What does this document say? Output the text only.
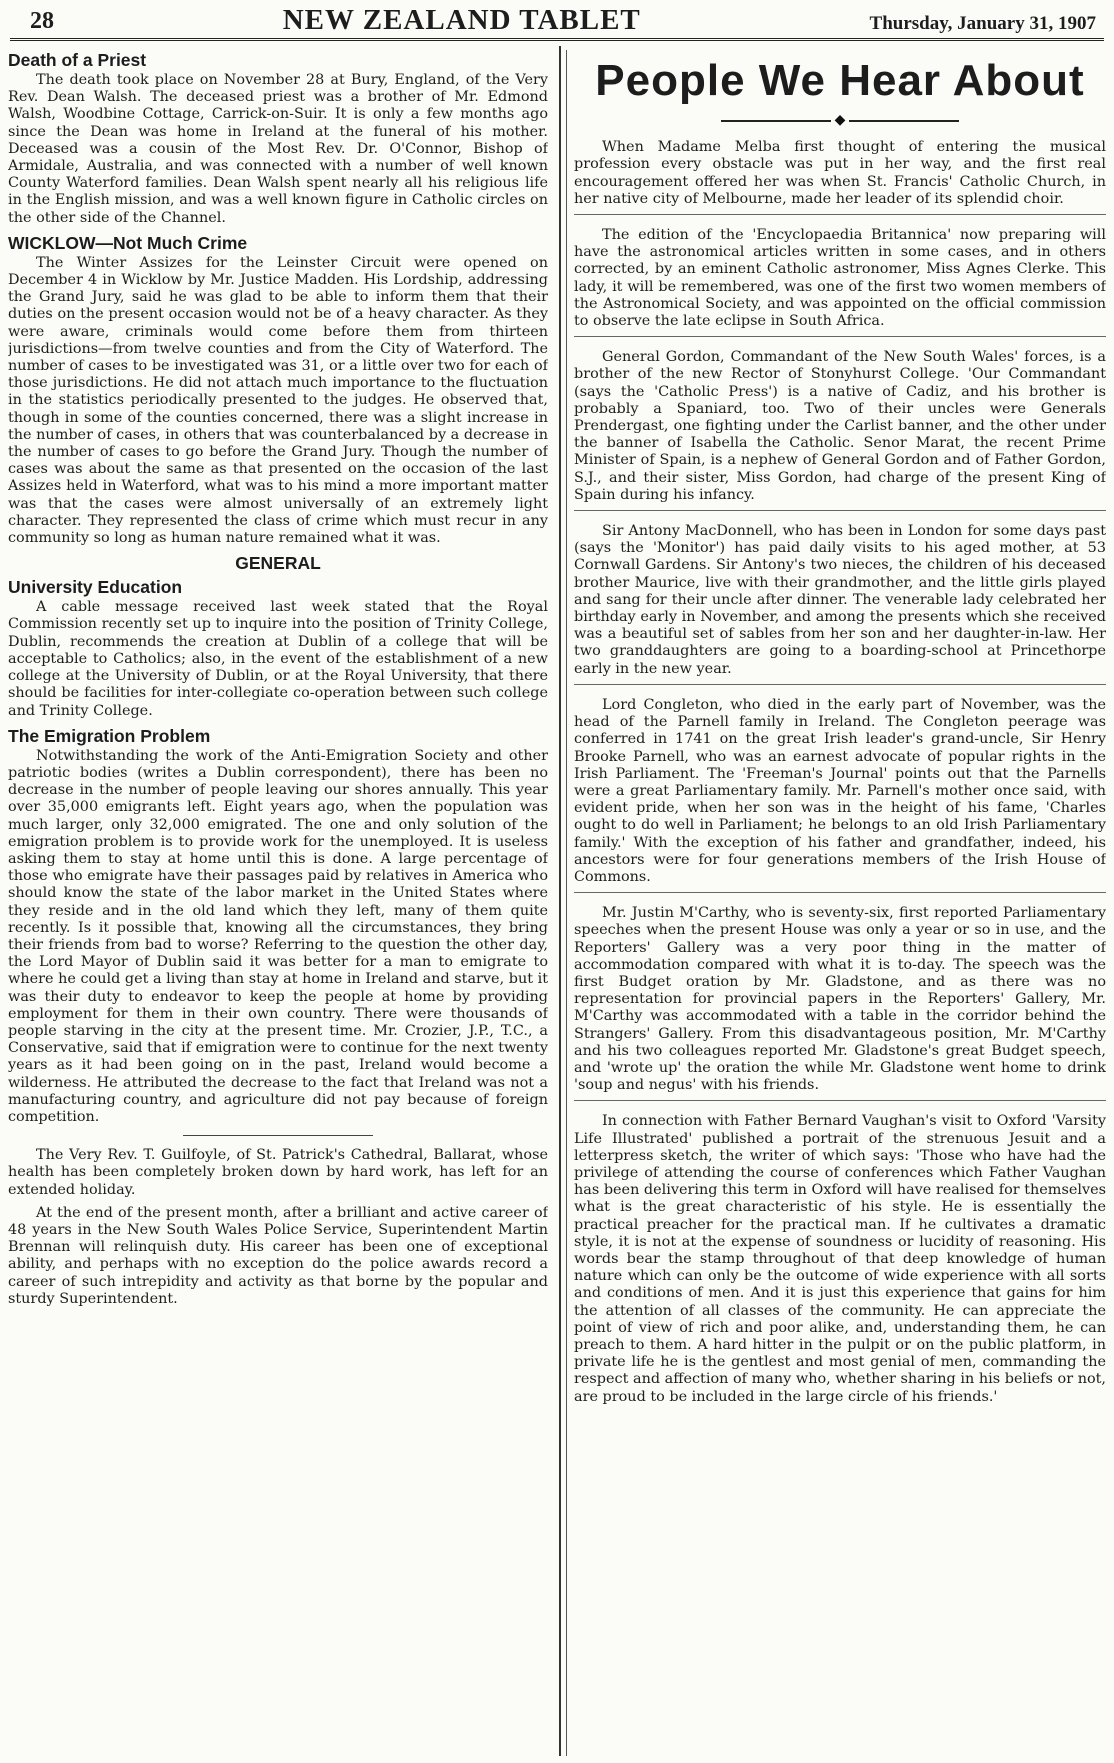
28	NEW ZEALAND TABLET	Thursday, January 31, 1907
Death of a Priest

The death took place on November 28 at Bury, England, of the Very Rev. Dean Walsh. The deceased priest was a brother of Mr. Edmond Walsh, Woodbine Cottage, Carrick-on-Suir. It is only a few months ago since the Dean was home in Ireland at the funeral of his mother. Deceased was a cousin of the Most Rev. Dr. O'Connor, Bishop of Armidale, Australia, and was connected with a number of well known County Waterford families. Dean Walsh spent nearly all his religious life in the English mission, and was a well known figure in Catholic circles on the other side of the Channel.

WICKLOW—Not Much Crime

The Winter Assizes for the Leinster Circuit were opened on December 4 in Wicklow by Mr. Justice Madden. His Lordship, addressing the Grand Jury, said he was glad to be able to inform them that their duties on the present occasion would not be of a heavy character. As they were aware, criminals would come before them from thirteen jurisdictions—from twelve counties and from the City of Waterford. The number of cases to be investigated was 31, or a little over two for each of those jurisdictions. He did not attach much importance to the fluctuation in the statistics periodically presented to the judges. He observed that, though in some of the counties concerned, there was a slight increase in the number of cases, in others that was counterbalanced by a decrease in the number of cases to go before the Grand Jury. Though the number of cases was about the same as that presented on the occasion of the last Assizes held in Waterford, what was to his mind a more important matter was that the cases were almost universally of an extremely light character. They represented the class of crime which must recur in any community so long as human nature remained what it was.

GENERAL
University Education

A cable message received last week stated that the Royal Commission recently set up to inquire into the position of Trinity College, Dublin, recommends the creation at Dublin of a college that will be acceptable to Catholics; also, in the event of the establishment of a new college at the University of Dublin, or at the Royal University, that there should be facilities for inter-collegiate co-operation between such college and Trinity College.

The Emigration Problem

Notwithstanding the work of the Anti-Emigration Society and other patriotic bodies (writes a Dublin correspondent), there has been no decrease in the number of people leaving our shores annually. This year over 35,000 emigrants left. Eight years ago, when the population was much larger, only 32,000 emigrated. The one and only solution of the emigration problem is to provide work for the unemployed. It is useless asking them to stay at home until this is done. A large percentage of those who emigrate have their passages paid by relatives in America who should know the state of the labor market in the United States where they reside and in the old land which they left, many of them quite recently. Is it possible that, knowing all the circumstances, they bring their friends from bad to worse? Referring to the question the other day, the Lord Mayor of Dublin said it was better for a man to emigrate to where he could get a living than stay at home in Ireland and starve, but it was their duty to endeavor to keep the people at home by providing employment for them in their own country. There were thousands of people starving in the city at the present time. Mr. Crozier, J.P., T.C., a Conservative, said that if emigration were to continue for the next twenty years as it had been going on in the past, Ireland would become a wilderness. He attributed the decrease to the fact that Ireland was not a manufacturing country, and agriculture did not pay because of foreign competition.

The Very Rev. T. Guilfoyle, of St. Patrick's Cathedral, Ballarat, whose health has been completely broken down by hard work, has left for an extended holiday.

At the end of the present month, after a brilliant and active career of 48 years in the New South Wales Police Service, Superintendent Martin Brennan will relinquish duty. His career has been one of exceptional ability, and perhaps with no exception do the police awards record a career of such intrepidity and activity as that borne by the popular and sturdy Superintendent.

People We Hear About
◆

When Madame Melba first thought of entering the musical profession every obstacle was put in her way, and the first real encouragement offered her was when St. Francis' Catholic Church, in her native city of Melbourne, made her leader of its splendid choir.

The edition of the 'Encyclopaedia Britannica' now preparing will have the astronomical articles written in some cases, and in others corrected, by an eminent Catholic astronomer, Miss Agnes Clerke. This lady, it will be remembered, was one of the first two women members of the Astronomical Society, and was appointed on the official commission to observe the late eclipse in South Africa.

General Gordon, Commandant of the New South Wales' forces, is a brother of the new Rector of Stonyhurst College. 'Our Commandant (says the 'Catholic Press') is a native of Cadiz, and his brother is probably a Spaniard, too. Two of their uncles were Generals Prendergast, one fighting under the Carlist banner, and the other under the banner of Isabella the Catholic. Senor Marat, the recent Prime Minister of Spain, is a nephew of General Gordon and of Father Gordon, S.J., and their sister, Miss Gordon, had charge of the present King of Spain during his infancy.

Sir Antony MacDonnell, who has been in London for some days past (says the 'Monitor') has paid daily visits to his aged mother, at 53 Cornwall Gardens. Sir Antony's two nieces, the children of his deceased brother Maurice, live with their grandmother, and the little girls played and sang for their uncle after dinner. The venerable lady celebrated her birthday early in November, and among the presents which she received was a beautiful set of sables from her son and her daughter-in-law. Her two granddaughters are going to a boarding-school at Princethorpe early in the new year.

Lord Congleton, who died in the early part of November, was the head of the Parnell family in Ireland. The Congleton peerage was conferred in 1741 on the great Irish leader's grand-uncle, Sir Henry Brooke Parnell, who was an earnest advocate of popular rights in the Irish Parliament. The 'Freeman's Journal' points out that the Parnells were a great Parliamentary family. Mr. Parnell's mother once said, with evident pride, when her son was in the height of his fame, 'Charles ought to do well in Parliament; he belongs to an old Irish Parliamentary family.' With the exception of his father and grandfather, indeed, his ancestors were for four generations members of the Irish House of Commons.

Mr. Justin M'Carthy, who is seventy-six, first reported Parliamentary speeches when the present House was only a year or so in use, and the Reporters' Gallery was a very poor thing in the matter of accommodation compared with what it is to-day. The speech was the first Budget oration by Mr. Gladstone, and as there was no representation for provincial papers in the Reporters' Gallery, Mr. M'Carthy was accommodated with a table in the corridor behind the Strangers' Gallery. From this disadvantageous position, Mr. M'Carthy and his two colleagues reported Mr. Gladstone's great Budget speech, and 'wrote up' the oration the while Mr. Gladstone went home to drink 'soup and negus' with his friends.

In connection with Father Bernard Vaughan's visit to Oxford 'Varsity Life Illustrated' published a portrait of the strenuous Jesuit and a letterpress sketch, the writer of which says: 'Those who have had the privilege of attending the course of conferences which Father Vaughan has been delivering this term in Oxford will have realised for themselves what is the great characteristic of his style. He is essentially the practical preacher for the practical man. If he cultivates a dramatic style, it is not at the expense of soundness or lucidity of reasoning. His words bear the stamp throughout of that deep knowledge of human nature which can only be the outcome of wide experience with all sorts and conditions of men. And it is just this experience that gains for him the attention of all classes of the community. He can appreciate the point of view of rich and poor alike, and, understanding them, he can preach to them. A hard hitter in the pulpit or on the public platform, in private life he is the gentlest and most genial of men, commanding the respect and affection of many who, whether sharing in his beliefs or not, are proud to be included in the large circle of his friends.'
